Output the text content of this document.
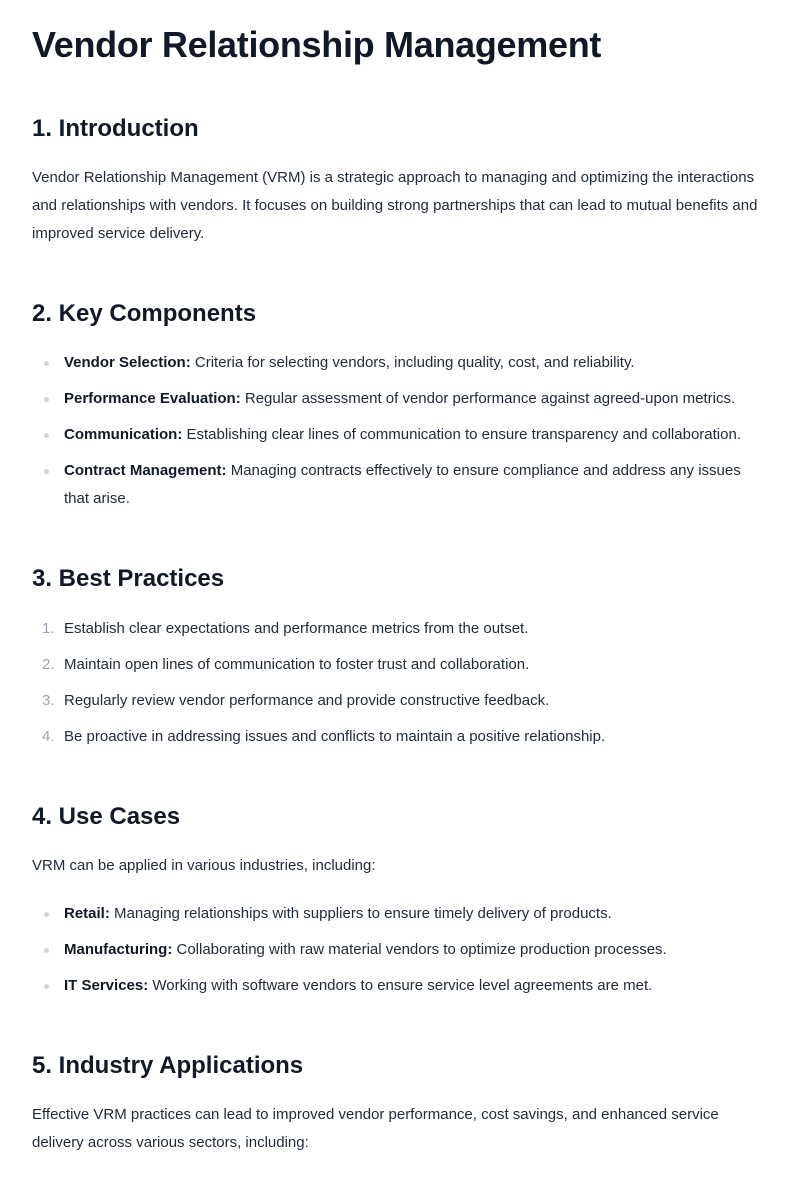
Vendor Relationship Management
1. Introduction

Vendor Relationship Management (VRM) is a strategic approach to managing and optimizing the interactions and relationships with vendors. It focuses on building strong partnerships that can lead to mutual benefits and improved service delivery.

2. Key Components
Vendor Selection: Criteria for selecting vendors, including quality, cost, and reliability.
Performance Evaluation: Regular assessment of vendor performance against agreed-upon metrics.
Communication: Establishing clear lines of communication to ensure transparency and collaboration.
Contract Management: Managing contracts effectively to ensure compliance and address any issues that arise.
3. Best Practices
1. Establish clear expectations and performance metrics from the outset.
2. Maintain open lines of communication to foster trust and collaboration.
3. Regularly review vendor performance and provide constructive feedback.
4. Be proactive in addressing issues and conflicts to maintain a positive relationship.
4. Use Cases

VRM can be applied in various industries, including:

Retail: Managing relationships with suppliers to ensure timely delivery of products.
Manufacturing: Collaborating with raw material vendors to optimize production processes.
IT Services: Working with software vendors to ensure service level agreements are met.
5. Industry Applications

Effective VRM practices can lead to improved vendor performance, cost savings, and enhanced service delivery across various sectors, including:
